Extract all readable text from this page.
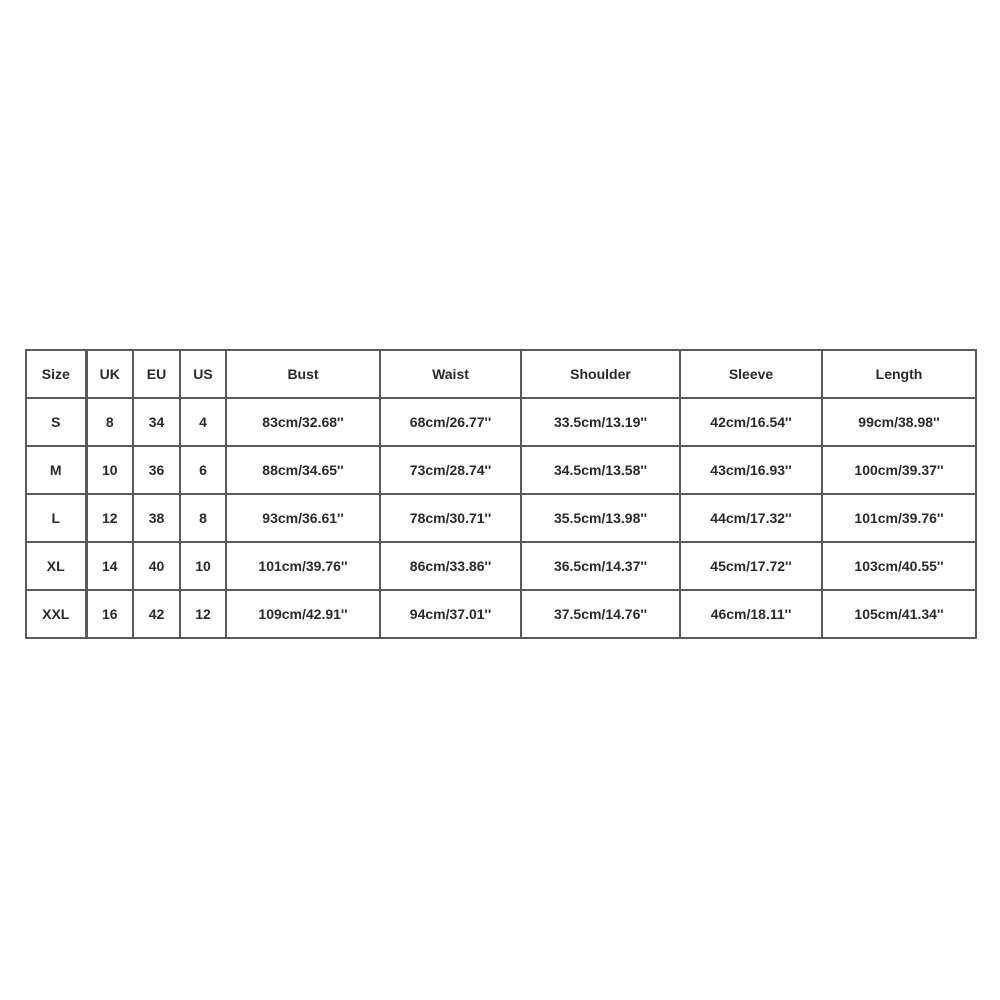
Size	UK	EU	US	Bust	Waist	Shoulder	Sleeve	Length
S	8	34	4	83cm/32.68''	68cm/26.77''	33.5cm/13.19''	42cm/16.54''	99cm/38.98''
M	10	36	6	88cm/34.65''	73cm/28.74''	34.5cm/13.58''	43cm/16.93''	100cm/39.37''
L	12	38	8	93cm/36.61''	78cm/30.71''	35.5cm/13.98''	44cm/17.32''	101cm/39.76''
XL	14	40	10	101cm/39.76''	86cm/33.86''	36.5cm/14.37''	45cm/17.72''	103cm/40.55''
XXL	16	42	12	109cm/42.91''	94cm/37.01''	37.5cm/14.76''	46cm/18.11''	105cm/41.34''
